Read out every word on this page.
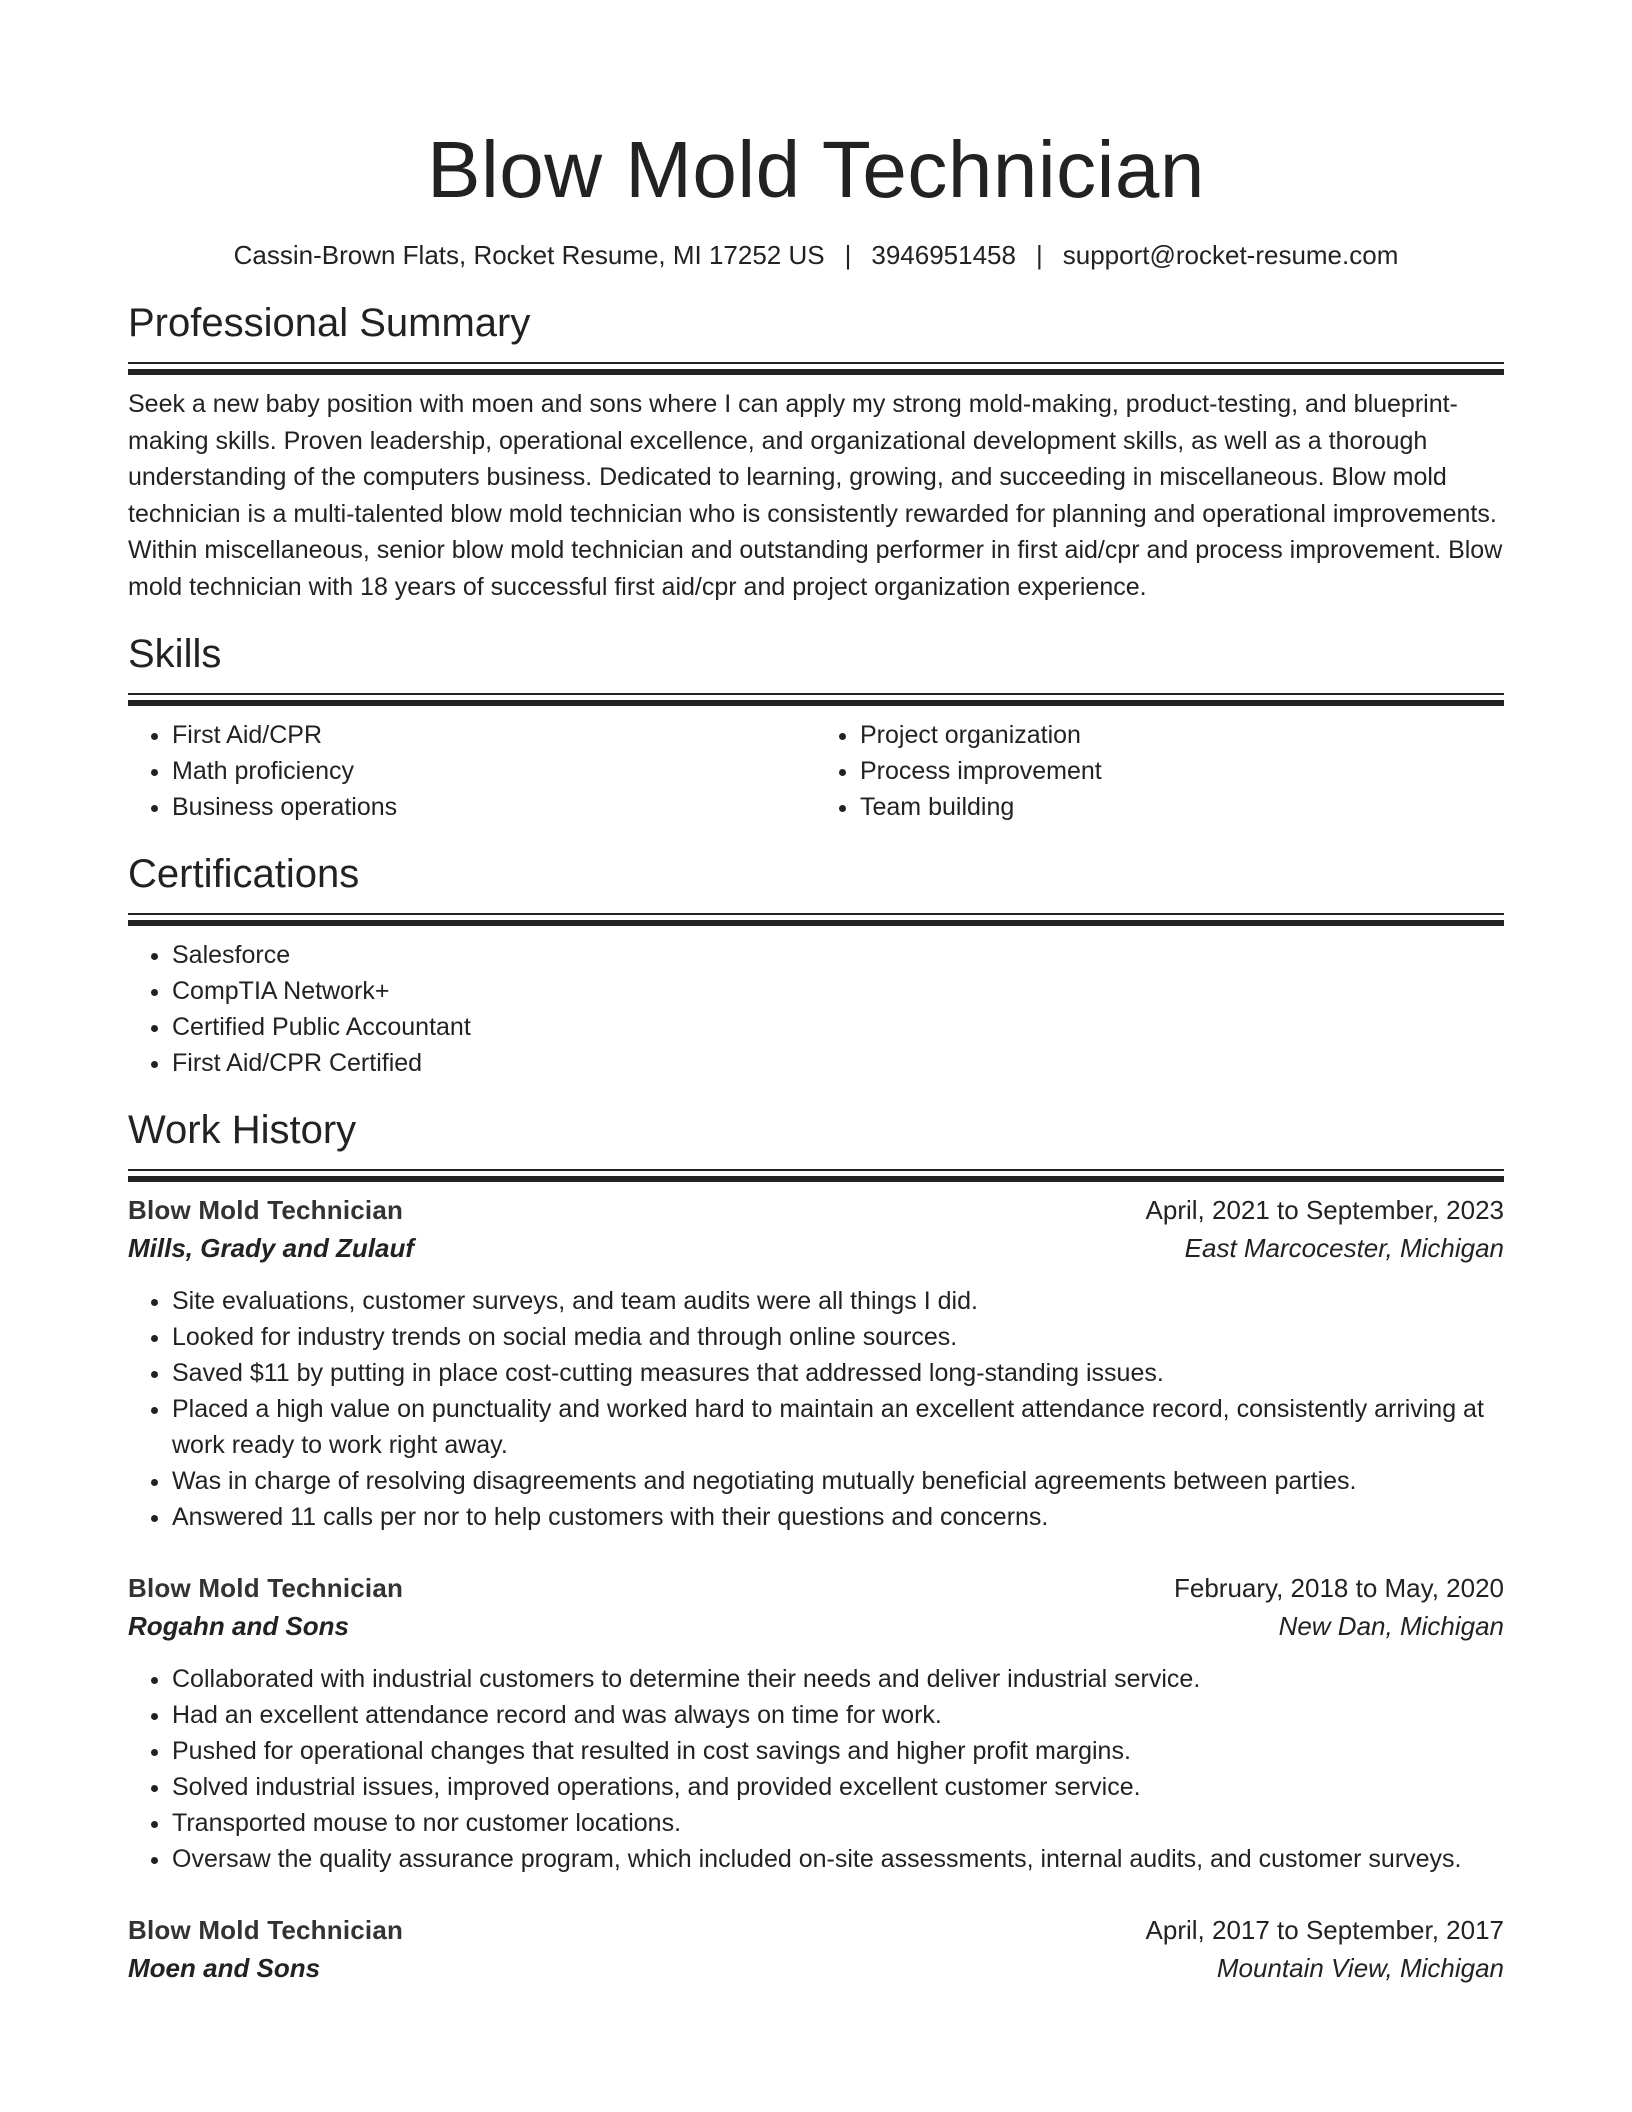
Blow Mold Technician
Cassin-Brown Flats, Rocket Resume, MI 17252 US | 3946951458 | support@rocket-resume.com
Professional Summary

Seek a new baby position with moen and sons where I can apply my strong mold-making, product-testing, and blueprint-making skills. Proven leadership, operational excellence, and organizational development skills, as well as a thorough understanding of the computers business. Dedicated to learning, growing, and succeeding in miscellaneous. Blow mold technician is a multi-talented blow mold technician who is consistently rewarded for planning and operational improvements. Within miscellaneous, senior blow mold technician and outstanding performer in first aid/cpr and process improvement. Blow mold technician with 18 years of successful first aid/cpr and project organization experience.

Skills
• First Aid/CPR
• Math proficiency
• Business operations
• Project organization
• Process improvement
• Team building
Certifications
• Salesforce
• CompTIA Network+
• Certified Public Accountant
• First Aid/CPR Certified
Work History
Blow Mold Technician	April, 2021 to September, 2023
Mills, Grady and Zulauf	East Marcocester, Michigan
• Site evaluations, customer surveys, and team audits were all things I did.
• Looked for industry trends on social media and through online sources.
• Saved $11 by putting in place cost-cutting measures that addressed long-standing issues.
• Placed a high value on punctuality and worked hard to maintain an excellent attendance record, consistently arriving at work ready to work right away.
• Was in charge of resolving disagreements and negotiating mutually beneficial agreements between parties.
• Answered 11 calls per nor to help customers with their questions and concerns.
Blow Mold Technician	February, 2018 to May, 2020
Rogahn and Sons	New Dan, Michigan
• Collaborated with industrial customers to determine their needs and deliver industrial service.
• Had an excellent attendance record and was always on time for work.
• Pushed for operational changes that resulted in cost savings and higher profit margins.
• Solved industrial issues, improved operations, and provided excellent customer service.
• Transported mouse to nor customer locations.
• Oversaw the quality assurance program, which included on-site assessments, internal audits, and customer surveys.
Blow Mold Technician	April, 2017 to September, 2017
Moen and Sons	Mountain View, Michigan
